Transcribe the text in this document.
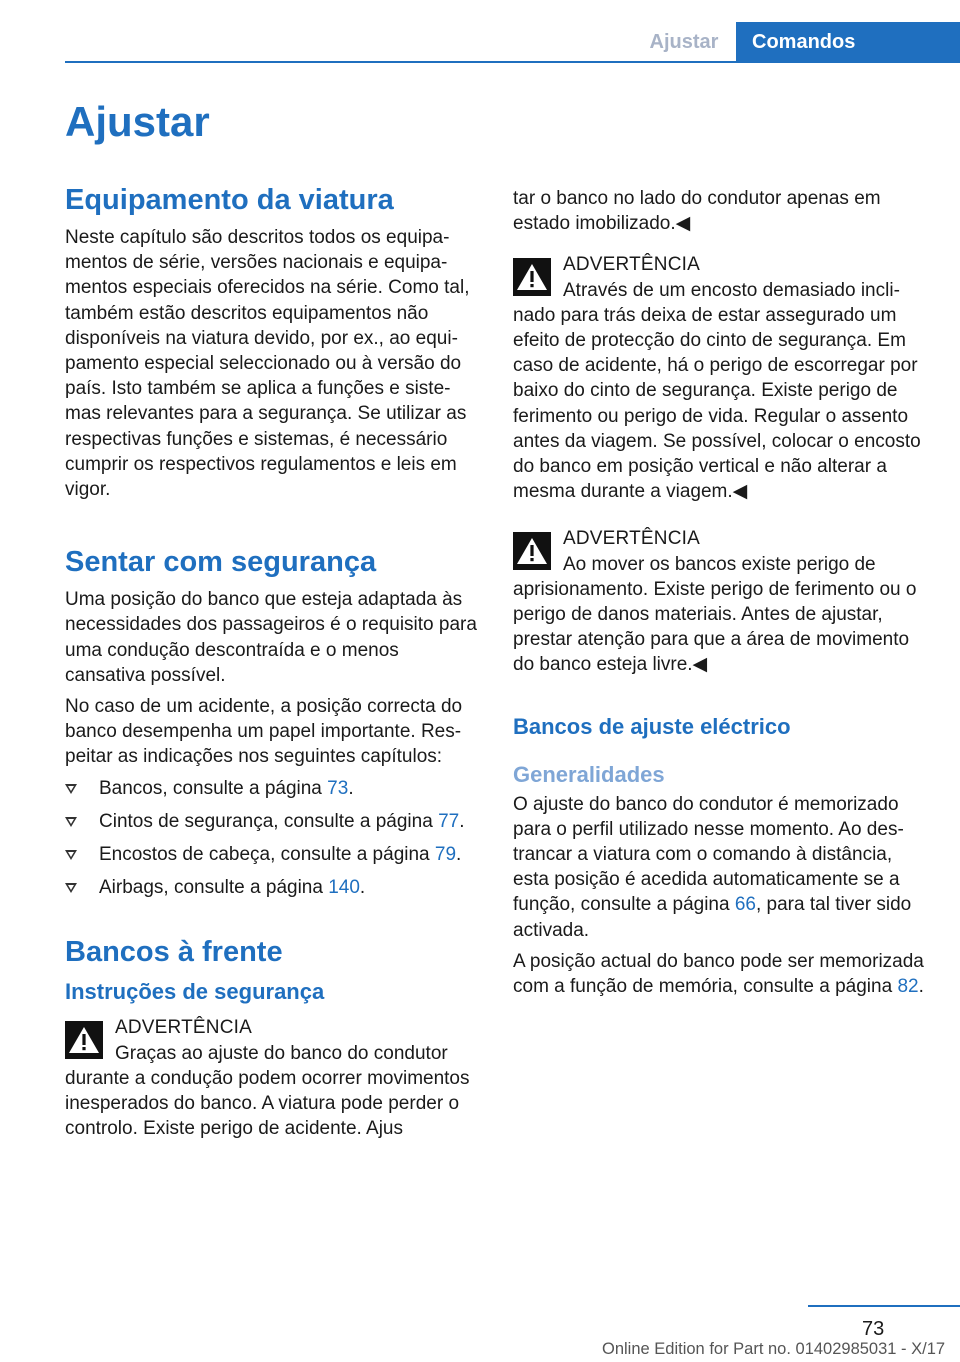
Ajustar Comandos
Ajustar
Equipamento da viatura

Neste capítulo são descritos todos os equipamentos de série, versões nacionais e equipamentos especiais oferecidos na série. Como tal, também estão descritos equipamentos não disponíveis na viatura devido, por ex., ao equipamento especial seleccionado ou à versão do país. Isto também se aplica a funções e sistemas relevantes para a segurança. Se utilizar as respectivas funções e sistemas, é necessário cumprir os respectivos regulamentos e leis em vigor.

Sentar com segurança

Uma posição do banco que esteja adaptada às necessidades dos passageiros é o requisito para uma condução descontraída e o menos cansativa possível.

No caso de um acidente, a posição correcta do banco desempenha um papel importante. Respeitar as indicações nos seguintes capítulos:

Bancos, consulte a página 73.
Cintos de segurança, consulte a página 77.
Encostos de cabeça, consulte a página 79.
Airbags, consulte a página 140.
Bancos à frente
Instruções de segurança
ADVERTÊNCIA
Graças ao ajuste do banco do condutor durante a condução podem ocorrer movimentos inesperados do banco. A viatura pode perder o controlo. Existe perigo de acidente. Ajus

tar o banco no lado do condutor apenas em estado imobilizado.◀

ADVERTÊNCIA
Através de um encosto demasiado inclinado para trás deixa de estar assegurado um efeito de protecção do cinto de segurança. Em caso de acidente, há o perigo de escorregar por baixo do cinto de segurança. Existe perigo de ferimento ou perigo de vida. Regular o assento antes da viagem. Se possível, colocar o encosto do banco em posição vertical e não alterar a mesma durante a viagem.◀
ADVERTÊNCIA
Ao mover os bancos existe perigo de aprisionamento. Existe perigo de ferimento ou o perigo de danos materiais. Antes de ajustar, prestar atenção para que a área de movimento do banco esteja livre.◀
Bancos de ajuste eléctrico
Generalidades

O ajuste do banco do condutor é memorizado para o perfil utilizado nesse momento. Ao destrancar a viatura com o comando à distância, esta posição é acedida automaticamente se a função, consulte a página 66, para tal tiver sido activada.

A posição actual do banco pode ser memorizada com a função de memória, consulte a página 82.

73
Online Edition for Part no. 01402985031 - X/17
